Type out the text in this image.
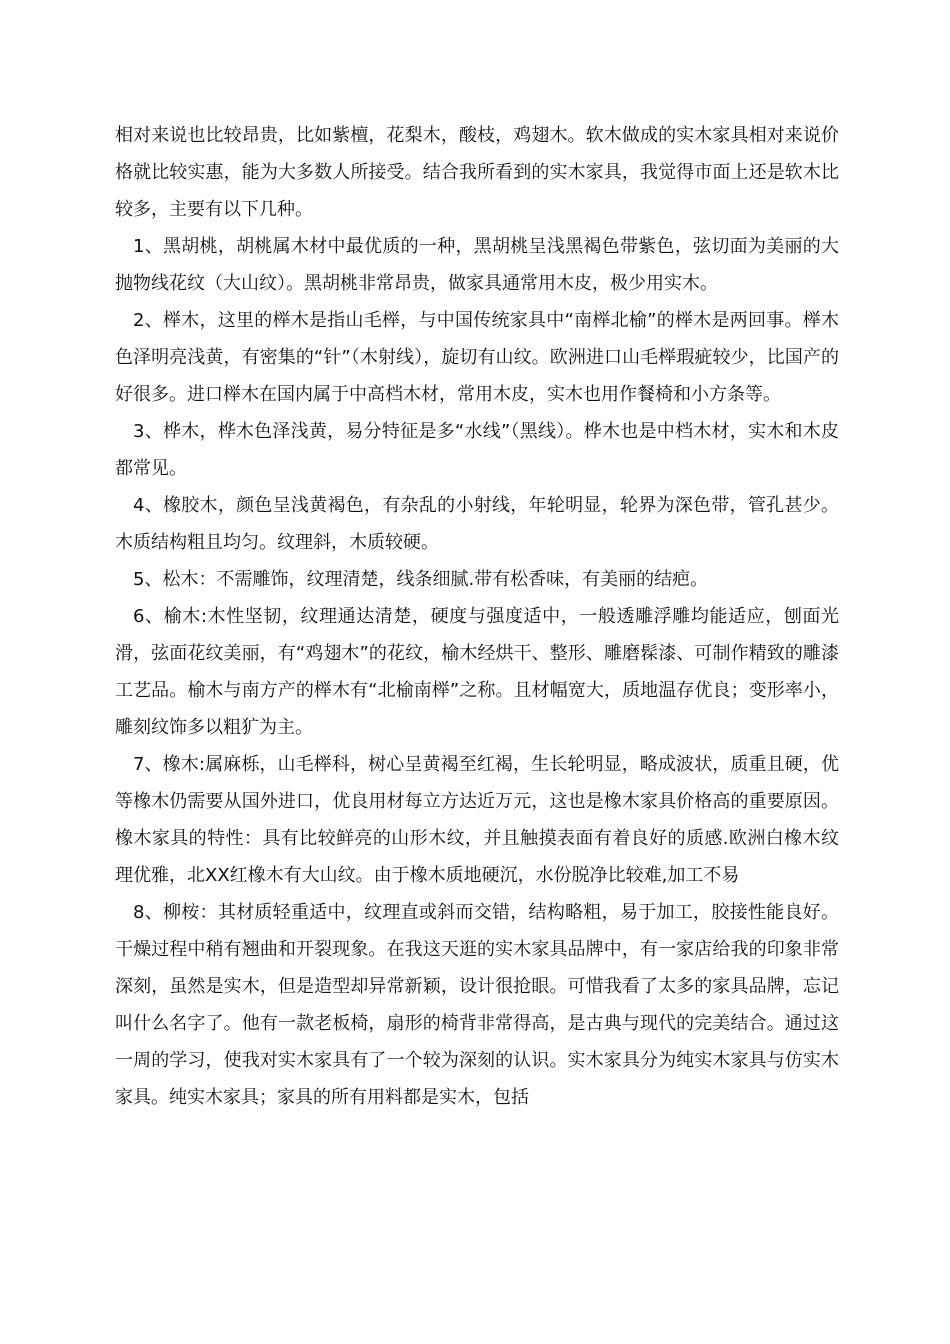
相对来说也比较昂贵，比如紫檀，花梨木，酸枝，鸡翅木。软木做成的实木家具相对来说价格就比较实惠，能为大多数人所接受。结合我所看到的实木家具，我觉得市面上还是软木比较多，主要有以下几种。

1、黑胡桃，胡桃属木材中最优质的一种，黑胡桃呈浅黑褐色带紫色，弦切面为美丽的大抛物线花纹（大山纹）。黑胡桃非常昂贵，做家具通常用木皮，极少用实木。

2、榉木，这里的榉木是指山毛榉，与中国传统家具中“南榉北榆”的榉木是两回事。榉木色泽明亮浅黄，有密集的“针”（木射线），旋切有山纹。欧洲进口山毛榉瑕疵较少，比国产的好很多。进口榉木在国内属于中高档木材，常用木皮，实木也用作餐椅和小方条等。

3、桦木，桦木色泽浅黄，易分特征是多“水线”（黑线）。桦木也是中档木材，实木和木皮都常见。

4、橡胶木，颜色呈浅黄褐色，有杂乱的小射线，年轮明显，轮界为深色带，管孔甚少。木质结构粗且均匀。纹理斜，木质较硬。

5、松木：不需雕饰，纹理清楚，线条细腻.带有松香味，有美丽的结疤。

6、榆木:木性坚韧，纹理通达清楚，硬度与强度适中，一般透雕浮雕均能适应，刨面光滑，弦面花纹美丽，有“鸡翅木”的花纹，榆木经烘干、整形、雕磨髹漆、可制作精致的雕漆工艺品。榆木与南方产的榉木有“北榆南榉”之称。且材幅宽大，质地温存优良；变形率小，雕刻纹饰多以粗犷为主。

7、橡木:属麻栎，山毛榉科，树心呈黄褐至红褐，生长轮明显，略成波状，质重且硬，优等橡木仍需要从国外进口，优良用材每立方达近万元，这也是橡木家具价格高的重要原因。橡木家具的特性：具有比较鲜亮的山形木纹，并且触摸表面有着良好的质感.欧洲白橡木纹理优雅，北XX红橡木有大山纹。由于橡木质地硬沉，水份脱净比较难,加工不易

8、柳桉：其材质轻重适中，纹理直或斜而交错，结构略粗，易于加工，胶接性能良好。干燥过程中稍有翘曲和开裂现象。在我这天逛的实木家具品牌中，有一家店给我的印象非常深刻，虽然是实木，但是造型却异常新颖，设计很抢眼。可惜我看了太多的家具品牌，忘记叫什么名字了。他有一款老板椅，扇形的椅背非常得高，是古典与现代的完美结合。通过这一周的学习，使我对实木家具有了一个较为深刻的认识。实木家具分为纯实木家具与仿实木家具。纯实木家具；家具的所有用料都是实木，包括
